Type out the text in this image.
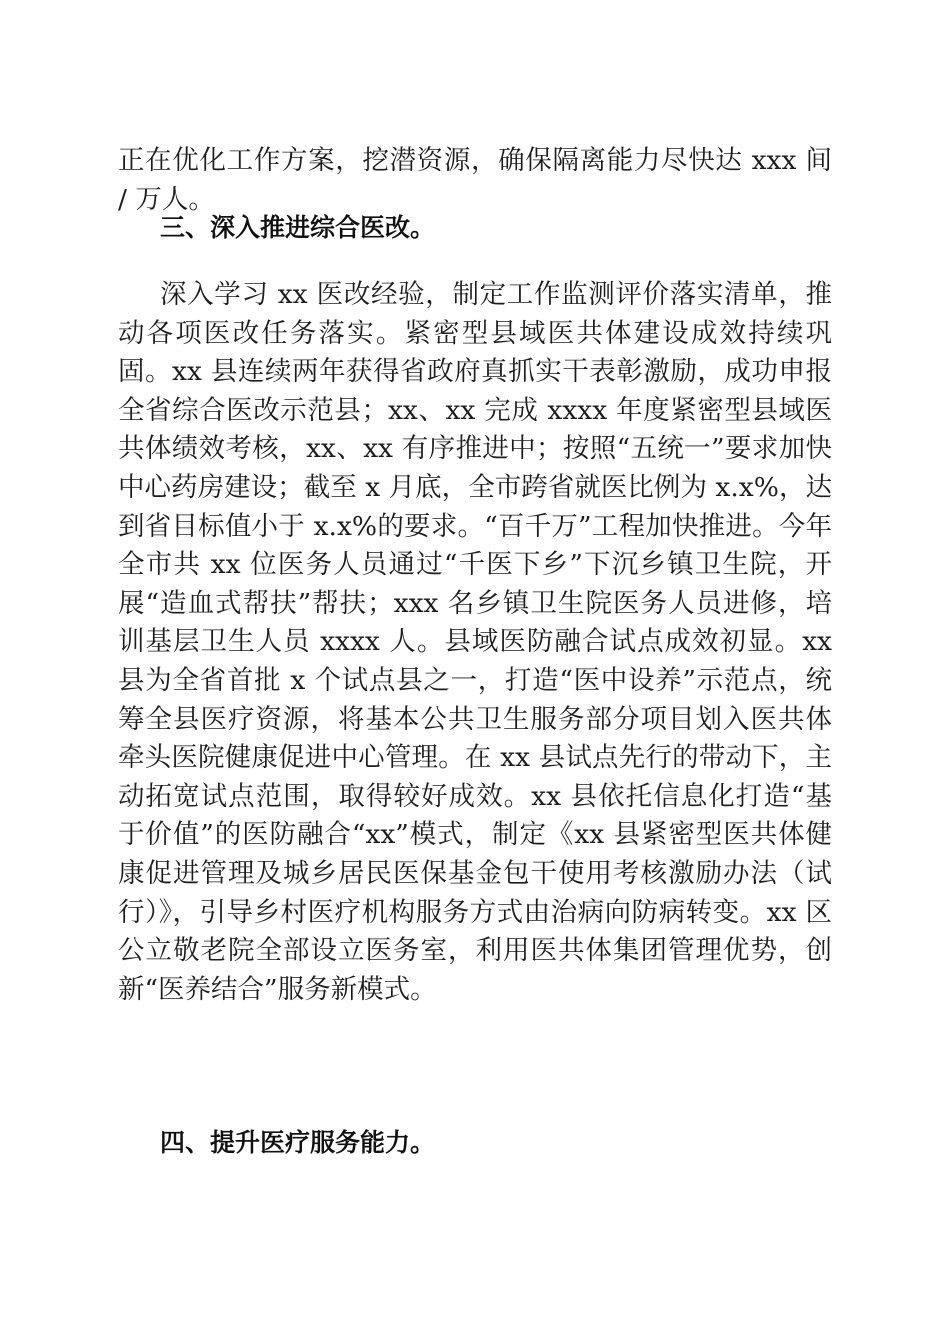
正在优化工作方案，挖潜资源，确保隔离能力尽快达 xxx 间 / 万人。

三、深入推进综合医改。

深入学习 xx 医改经验，制定工作监测评价落实清单，推动各项医改任务落实。紧密型县域医共体建设成效持续巩固。xx 县连续两年获得省政府真抓实干表彰激励，成功申报全省综合医改示范县；xx、xx 完成 xxxx 年度紧密型县域医共体绩效考核，xx、xx 有序推进中；按照“五统一”要求加快中心药房建设；截至 x 月底，全市跨省就医比例为 x.x%，达到省目标值小于 x.x%的要求。“百千万”工程加快推进。今年全市共 xx 位医务人员通过“千医下乡”下沉乡镇卫生院，开展“造血式帮扶”帮扶；xxx 名乡镇卫生院医务人员进修，培训基层卫生人员 xxxx 人。县域医防融合试点成效初显。xx 县为全省首批 x 个试点县之一，打造“医中设养”示范点，统筹全县医疗资源，将基本公共卫生服务部分项目划入医共体牵头医院健康促进中心管理。在 xx 县试点先行的带动下，主动拓宽试点范围，取得较好成效。xx 县依托信息化打造“基于价值”的医防融合“xx”模式，制定《xx 县紧密型医共体健康促进管理及城乡居民医保基金包干使用考核激励办法（试行）》，引导乡村医疗机构服务方式由治病向防病转变。xx 区公立敬老院全部设立医务室，利用医共体集团管理优势，创新“医养结合”服务新模式。

四、提升医疗服务能力。
